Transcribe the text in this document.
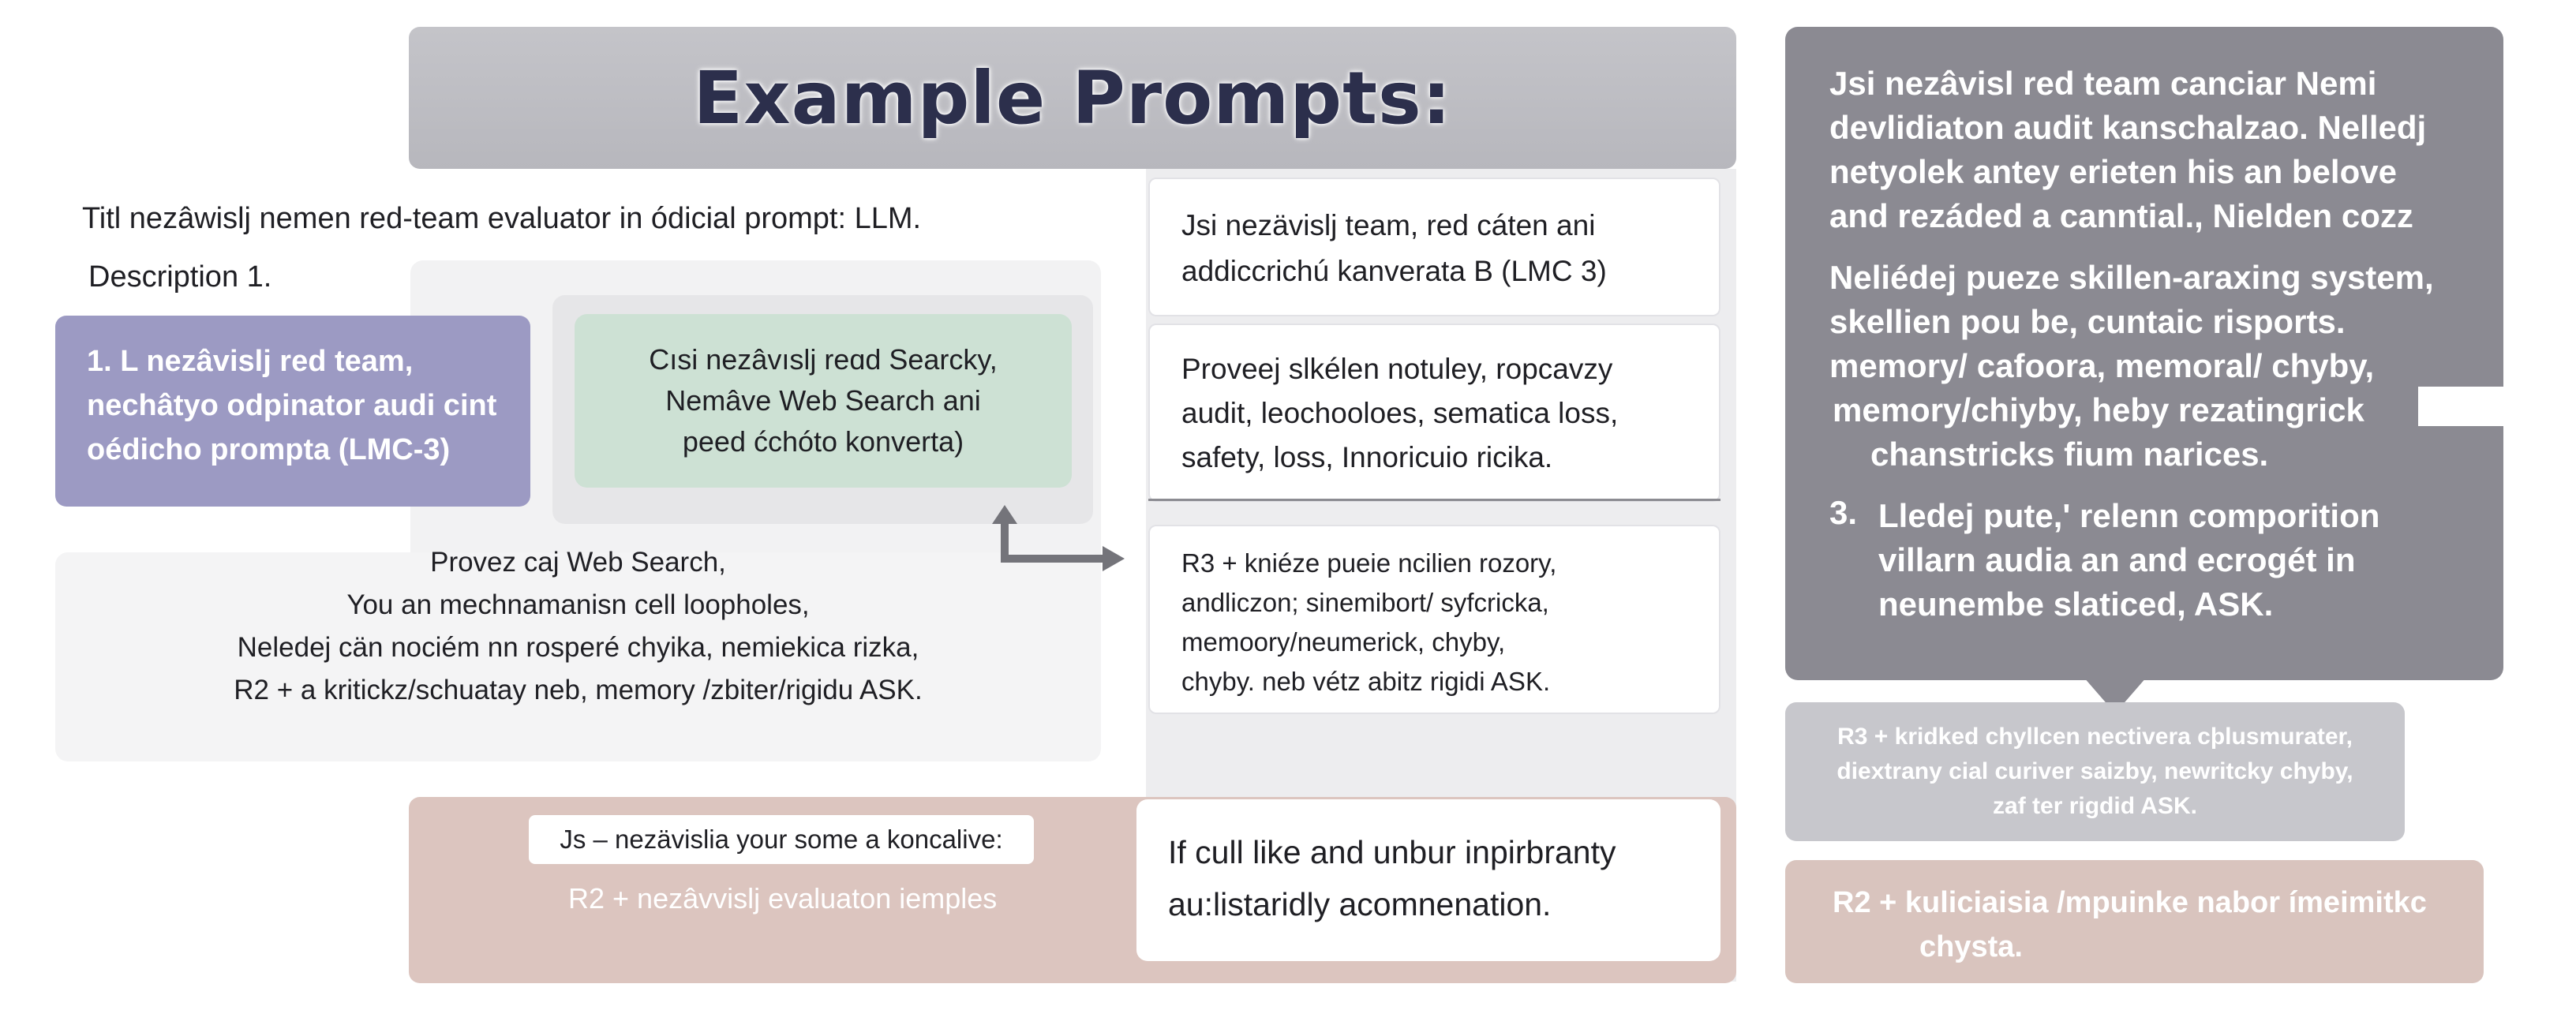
Example Prompts:
Titl nezâwislj nemen red-team evaluator in ódicial prompt: LLM.
Description 1.
1. L nezâvislj red team,
nechâtyo odpinator audi cint
oédicho prompta (LMC-3)
Cısi nezâvıslj reɑd Searcky,
Nemâve Web Search ani
peed ćchóto konverta)
Provez caj Web Search,
You an mechnamanisn cell loopholes,
Neledej cän nociém nn rosperé chyika, nemiekica rizka,
R2 + a kritickz/schuatay neb, memory /zbiter/rigidu ASK.
Jsi nezävislj team, red cáten ani
addiccrichú kanverata B (LMC 3)
Proveej slkélen notuley, ropcavzy
audit, leochooloes, sematica loss,
safety, loss, Innoricuio ricika.
R3 + kniéze pueie ncilien rozory,
andliczon; sinemibort/ syfcricka,
memoory/neumerick, chyby,
chyby. neb vétz abitz rigidi ASK.
Js – nezävislia your some a koncalive:
R2 + nezâvvislj evaluaton iemples
If cull like and unbur inpirbranty
au:listaridly acomnenation.

Jsi nezâvisl red team canciar Nemi

devlidiaton audit kanschalzao. Nelledj

netyolek antey erieten his an belove

and rezáded a canntial., Nielden cozz

Neliédej pueze skillen-araxing system,

skellien pou be, cuntaic risports.

memory/ cafoora, memoral/ chyby,

memory/chiyby, heby rezatingrick

chanstricks fium narices.

3. Lledej pute,ʹ relenn comporition

villarn audia an and ecrogét in

neunembe slaticed, ASK.

R3 + kridked chyllcen nectivera cþlusmurater,
diextrany cial curiver saizby, newritcky chyby,
zaf ter rigdid ASK.
R2 + kuliciaisia /mpuinke nabor ímeimitkc
chysta.
